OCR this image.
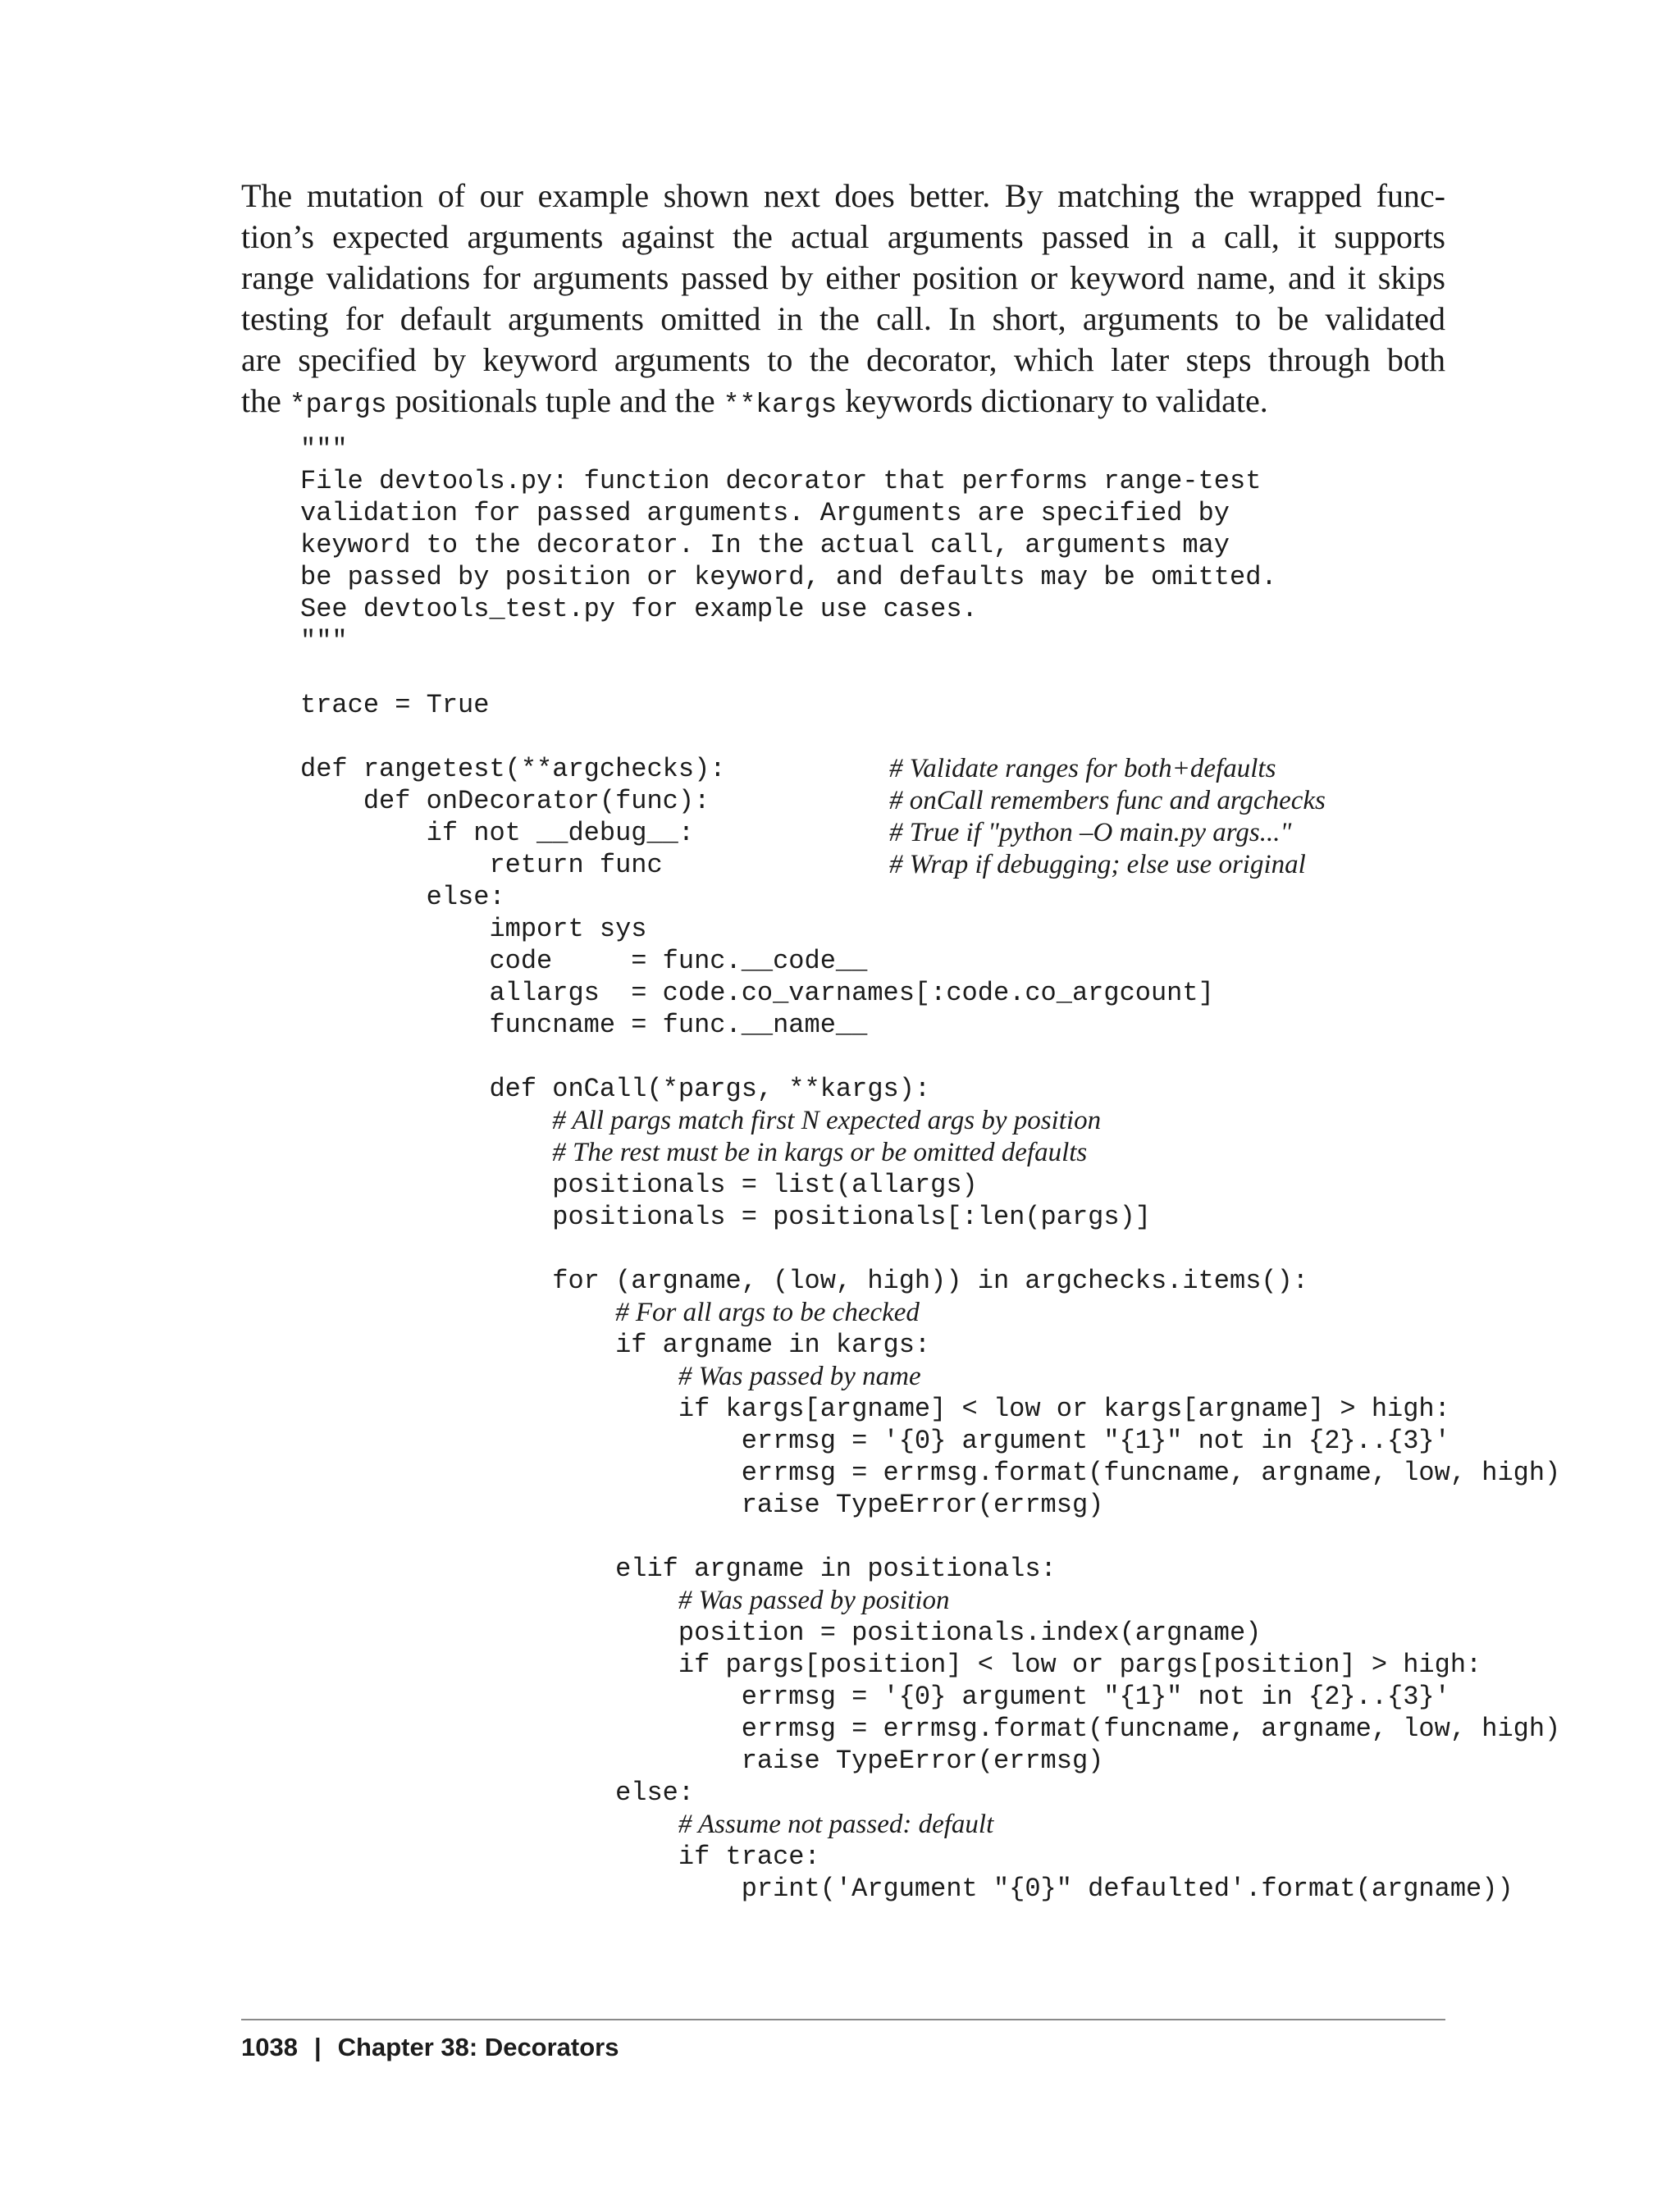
The mutation of our example shown next does better. By matching the wrapped func-
tion’s expected arguments against the actual arguments passed in a call, it supports
range validations for arguments passed by either position or keyword name, and it skips
testing for default arguments omitted in the call. In short, arguments to be validated
are specified by keyword arguments to the decorator, which later steps through both
the *pargs positionals tuple and the **kargs keywords dictionary to validate.
"""
File devtools.py: function decorator that performs range-test
validation for passed arguments. Arguments are specified by
keyword to the decorator. In the actual call, arguments may
be passed by position or keyword, and defaults may be omitted.
See devtools_test.py for example use cases.
"""
trace = True
def rangetest(**argchecks):	# Validate ranges for both+defaults
def onDecorator(func):	# onCall remembers func and argchecks
if not __debug__:	# True if "python –O main.py args..."
return func	# Wrap if debugging; else use original
else:
import sys
code     = func.__code__
allargs  = code.co_varnames[:code.co_argcount]
funcname = func.__name__
def onCall(*pargs, **kargs):
# All pargs match first N expected args by position
# The rest must be in kargs or be omitted defaults
positionals = list(allargs)
positionals = positionals[:len(pargs)]
for (argname, (low, high)) in argchecks.items():
# For all args to be checked
if argname in kargs:
# Was passed by name
if kargs[argname] < low or kargs[argname] > high:
errmsg = '{0} argument "{1}" not in {2}..{3}'
errmsg = errmsg.format(funcname, argname, low, high)
raise TypeError(errmsg)
elif argname in positionals:
# Was passed by position
position = positionals.index(argname)
if pargs[position] < low or pargs[position] > high:
errmsg = '{0} argument "{1}" not in {2}..{3}'
errmsg = errmsg.format(funcname, argname, low, high)
raise TypeError(errmsg)
else:
# Assume not passed: default
if trace:
print('Argument "{0}" defaulted'.format(argname))
1038 | Chapter 38: Decorators
